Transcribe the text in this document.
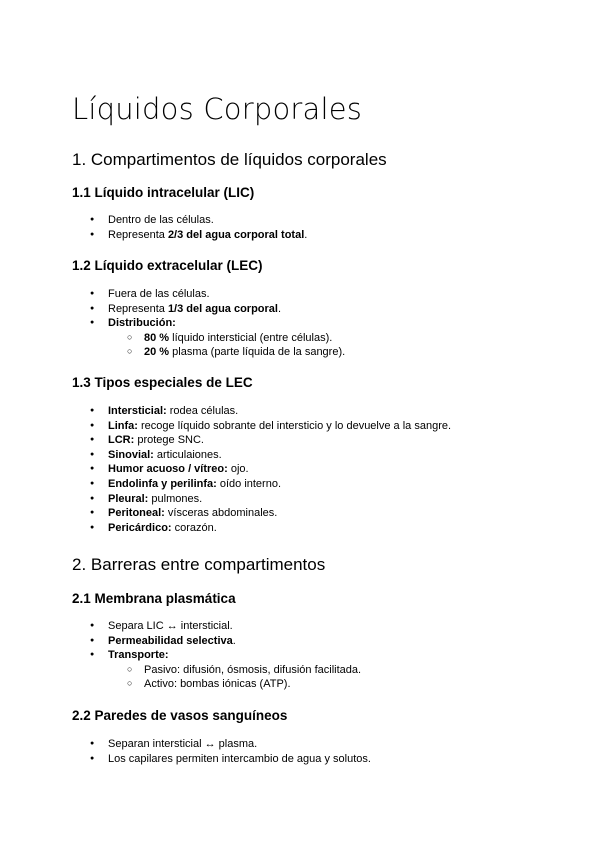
Líquidos Corporales
1. Compartimentos de líquidos corporales
1.1 Líquido intracelular (LIC)
● Dentro de las células.
● Representa 2/3 del agua corporal total.
1.2 Líquido extracelular (LEC)
● Fuera de las células.
● Representa 1/3 del agua corporal.
● Distribución:
○ 80 % líquido intersticial (entre células).
○ 20 % plasma (parte líquida de la sangre).
1.3 Tipos especiales de LEC
● Intersticial: rodea células.
● Linfa: recoge líquido sobrante del intersticio y lo devuelve a la sangre.
● LCR: protege SNC.
● Sinovial: articulaiones.
● Humor acuoso / vítreo: ojo.
● Endolinfa y perilinfa: oído interno.
● Pleural: pulmones.
● Peritoneal: vísceras abdominales.
● Pericárdico: corazón.
2. Barreras entre compartimentos
2.1 Membrana plasmática
● Separa LIC ↔ intersticial.
● Permeabilidad selectiva.
● Transporte:
○ Pasivo: difusión, ósmosis, difusión facilitada.
○ Activo: bombas iónicas (ATP).
2.2 Paredes de vasos sanguíneos
● Separan intersticial ↔ plasma.
● Los capilares permiten intercambio de agua y solutos.
